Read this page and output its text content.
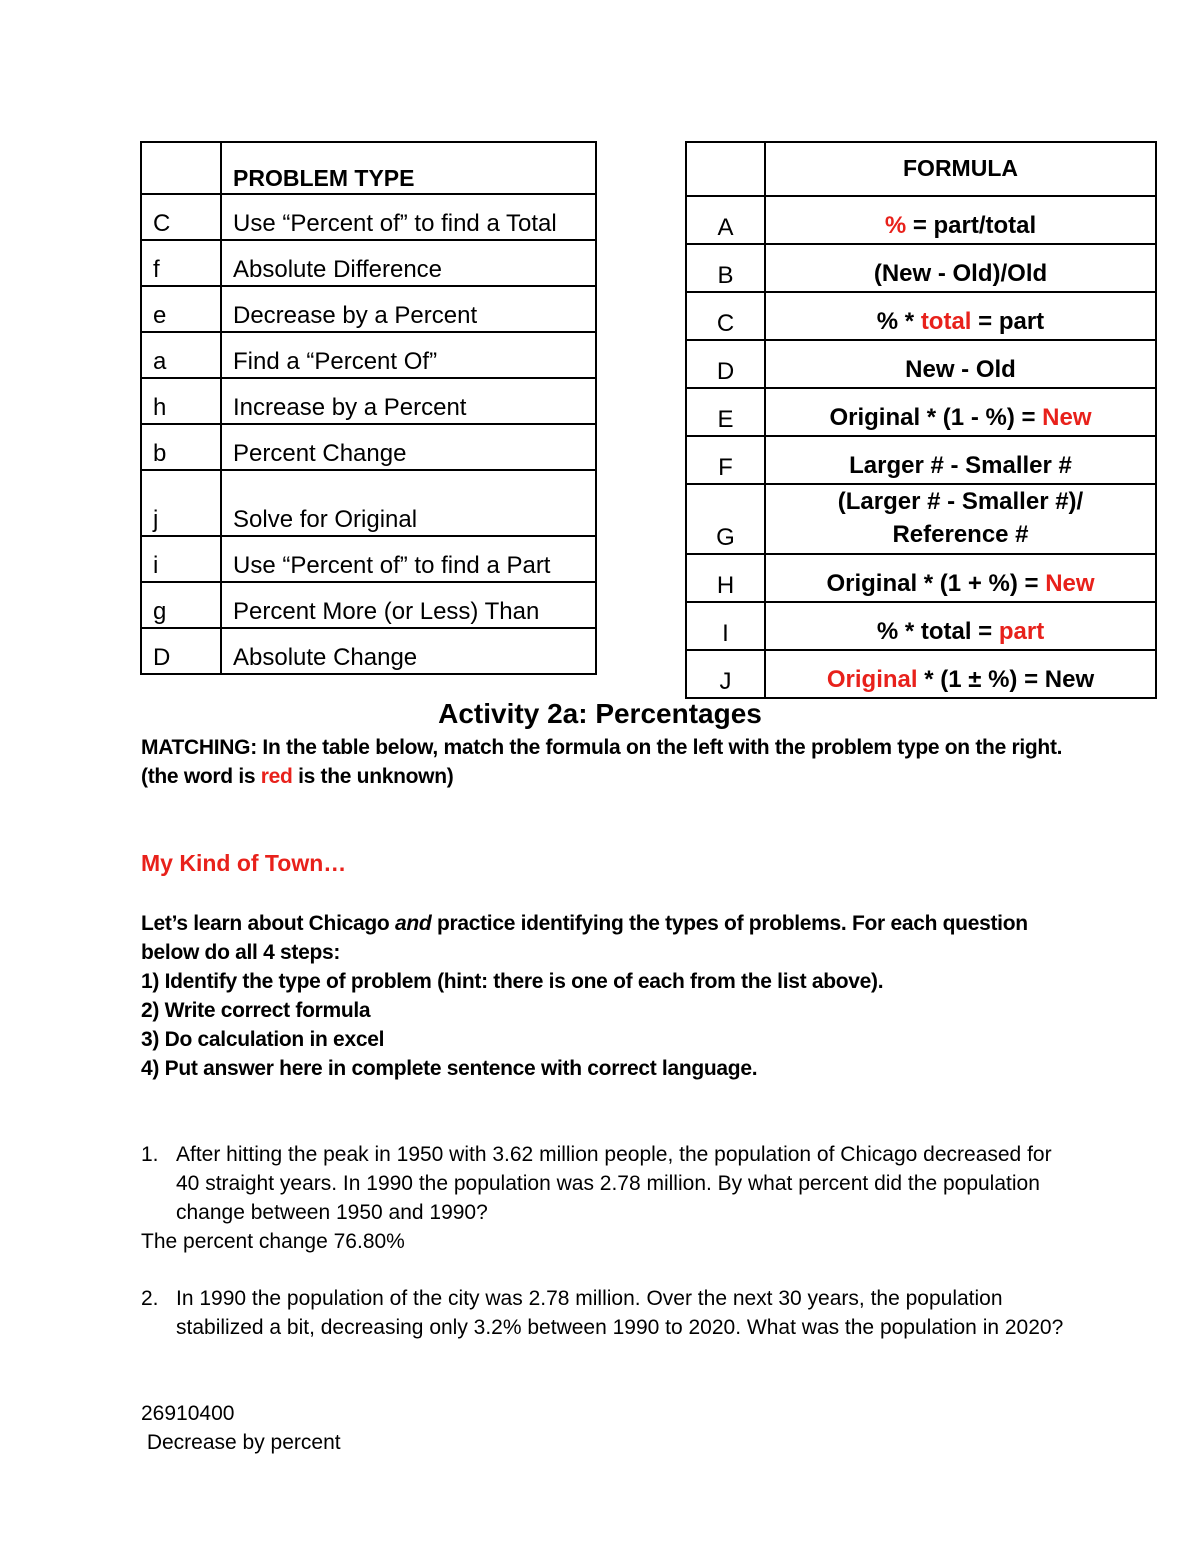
	PROBLEM TYPE
C	Use “Percent of” to find a Total
f	Absolute Difference
e	Decrease by a Percent
a	Find a “Percent Of”
h	Increase by a Percent
b	Percent Change
j	Solve for Original
i	Use “Percent of” to find a Part
g	Percent More (or Less) Than
D	Absolute Change
	FORMULA
A	% = part/total
B	(New - Old)/Old
C	% * total = part
D	New - Old
E	Original * (1 - %) = New
F	Larger # - Smaller #
G	(Larger # - Smaller #)/
Reference #
H	Original * (1 + %) = New
I	% * total = part
J	Original * (1 ± %) = New
Activity 2a: Percentages
MATCHING: In the table below, match the formula on the left with the problem type on the right. (the word is red is the unknown)
My Kind of Town…
Let’s learn about Chicago and practice identifying the types of problems. For each question below do all 4 steps:
1) Identify the type of problem (hint: there is one of each from the list above).
2) Write correct formula
3) Do calculation in excel
4) Put answer here in complete sentence with correct language.
1. After hitting the peak in 1950 with 3.62 million people, the population of Chicago decreased for 40 straight years. In 1990 the population was 2.78 million. By what percent did the population change between 1950 and 1990?
The percent change 76.80%
2. In 1990 the population of the city was 2.78 million. Over the next 30 years, the population stabilized a bit, decreasing only 3.2% between 1990 to 2020. What was the population in 2020?
26910400
Decrease by percent
